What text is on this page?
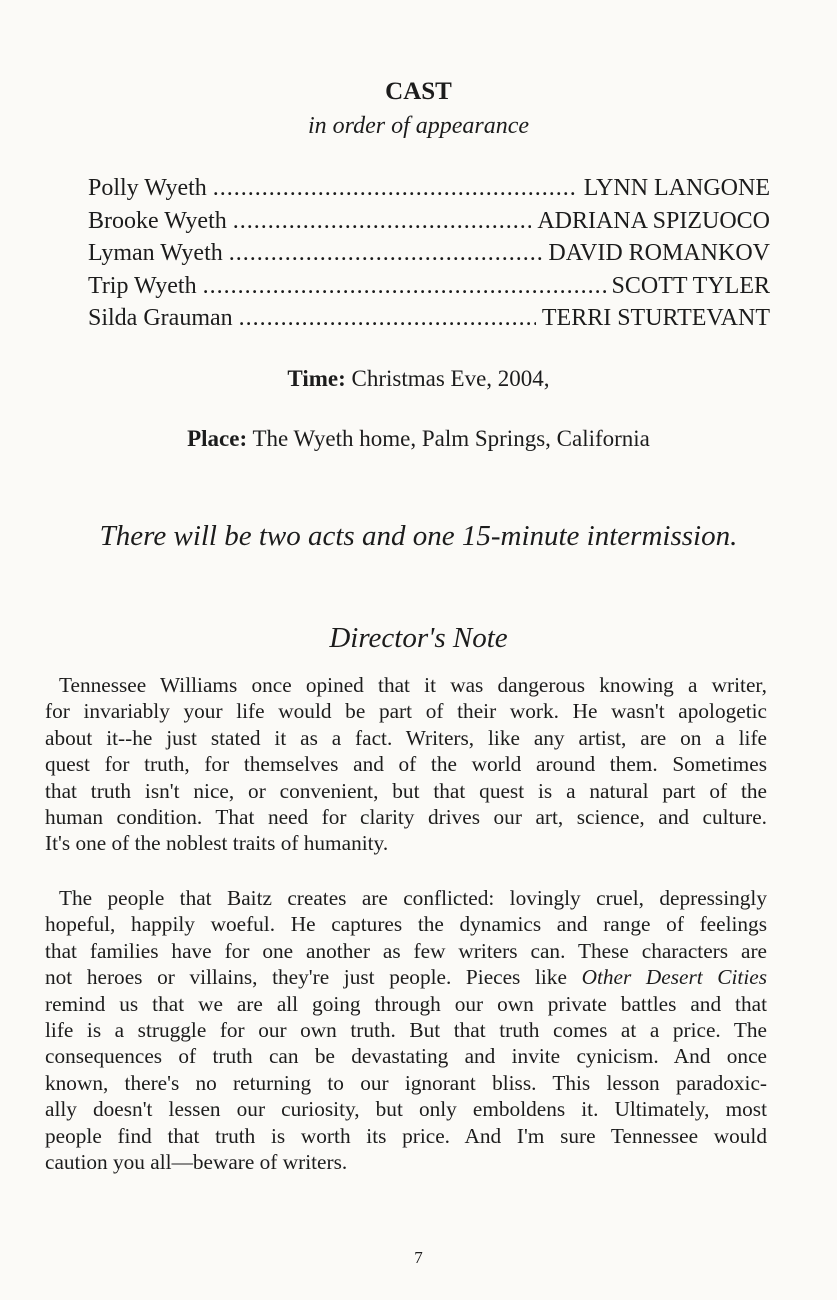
CAST
in order of appearance
Polly Wyeth .....	LYNN LANGONE
Brooke Wyeth .....	ADRIANA SPIZUOCO
Lyman Wyeth .....	DAVID ROMANKOV
Trip Wyeth .....	SCOTT TYLER
Silda Grauman .....	TERRI STURTEVANT
Time: Christmas Eve, 2004,
Place: The Wyeth home, Palm Springs, California
There will be two acts and one 15-minute intermission.
Director's Note
Tennessee Williams once opined that it was dangerous knowing a writer,
for invariably your life would be part of their work. He wasn't apologetic
about it--he just stated it as a fact. Writers, like any artist, are on a life
quest for truth, for themselves and of the world around them. Sometimes
that truth isn't nice, or convenient, but that quest is a natural part of the
human condition. That need for clarity drives our art, science, and culture.
It's one of the noblest traits of humanity.
The people that Baitz creates are conflicted: lovingly cruel, depressingly
hopeful, happily woeful. He captures the dynamics and range of feelings
that families have for one another as few writers can. These characters are
not heroes or villains, they're just people. Pieces like Other Desert Cities
remind us that we are all going through our own private battles and that
life is a struggle for our own truth. But that truth comes at a price. The
consequences of truth can be devastating and invite cynicism. And once
known, there's no returning to our ignorant bliss. This lesson paradoxic-
ally doesn't lessen our curiosity, but only emboldens it. Ultimately, most
people find that truth is worth its price. And I'm sure Tennessee would
caution you all—beware of writers.
7
